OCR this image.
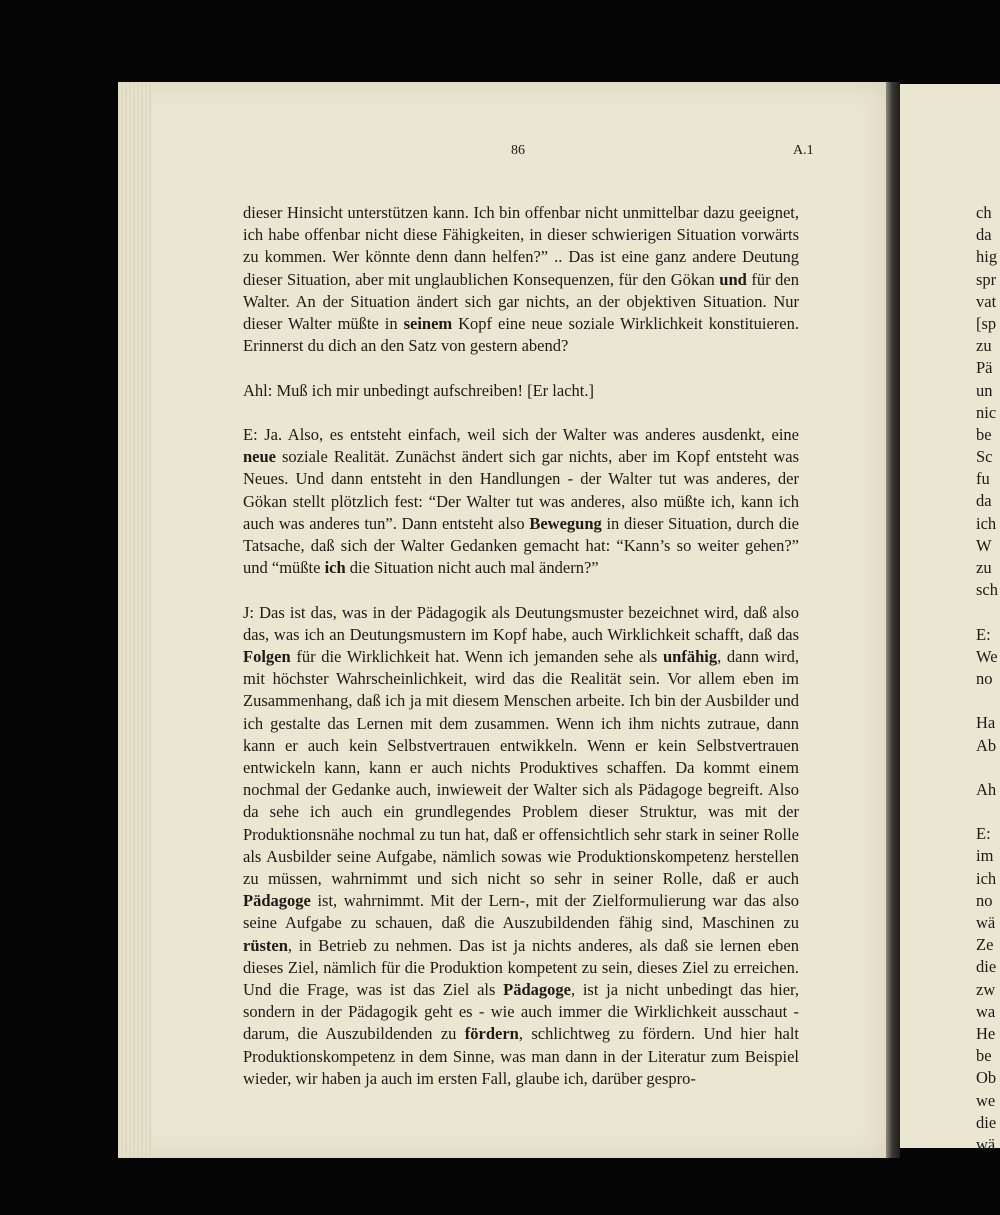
86	A.1

dieser Hinsicht unterstützen kann. Ich bin offenbar nicht unmittelbar dazu geeignet, ich habe offenbar nicht diese Fähigkeiten, in dieser schwierigen Situation vorwärts zu kommen. Wer könnte denn dann helfen?” .. Das ist eine ganz andere Deutung dieser Situation, aber mit unglaublichen Konsequenzen, für den Gökan und für den Walter. An der Situation ändert sich gar nichts, an der objektiven Situation. Nur dieser Walter müßte in seinem Kopf eine neue soziale Wirklichkeit konstituieren. Erinnerst du dich an den Satz von gestern abend?

Ahl: Muß ich mir unbedingt aufschreiben! [Er lacht.]

E: Ja. Also, es entsteht einfach, weil sich der Walter was anderes ausdenkt, eine neue soziale Realität. Zunächst ändert sich gar nichts, aber im Kopf entsteht was Neues. Und dann entsteht in den Handlungen - der Walter tut was anderes, der Gökan stellt plötzlich fest: “Der Walter tut was anderes, also müßte ich, kann ich auch was anderes tun”. Dann entsteht also Bewegung in dieser Situation, durch die Tatsache, daß sich der Walter Gedanken gemacht hat: “Kann’s so weiter gehen?” und “müßte ich die Situation nicht auch mal ändern?”

J: Das ist das, was in der Pädagogik als Deutungsmuster bezeichnet wird, daß also das, was ich an Deutungsmustern im Kopf habe, auch Wirklichkeit schafft, daß das Folgen für die Wirklichkeit hat. Wenn ich jemanden sehe als unfähig, dann wird, mit höchster Wahrscheinlichkeit, wird das die Realität sein. Vor allem eben im Zusammenhang, daß ich ja mit diesem Menschen arbeite. Ich bin der Ausbilder und ich gestalte das Lernen mit dem zusammen. Wenn ich ihm nichts zutraue, dann kann er auch kein Selbstvertrauen entwikkeln. Wenn er kein Selbstvertrauen entwickeln kann, kann er auch nichts Produktives schaffen. Da kommt einem nochmal der Gedanke auch, inwieweit der Walter sich als Pädagoge begreift. Also da sehe ich auch ein grundlegendes Problem dieser Struktur, was mit der Produktionsnähe nochmal zu tun hat, daß er offensichtlich sehr stark in seiner Rolle als Ausbilder seine Aufgabe, nämlich sowas wie Produktionskompetenz herstellen zu müssen, wahrnimmt und sich nicht so sehr in seiner Rolle, daß er auch Pädagoge ist, wahrnimmt. Mit der Lern-, mit der Zielformulierung war das also seine Aufgabe zu schauen, daß die Auszubildenden fähig sind, Maschinen zu rüsten, in Betrieb zu nehmen. Das ist ja nichts anderes, als daß sie lernen eben dieses Ziel, nämlich für die Produktion kompetent zu sein, dieses Ziel zu erreichen. Und die Frage, was ist das Ziel als Pädagoge, ist ja nicht unbedingt das hier, sondern in der Pädagogik geht es - wie auch immer die Wirklichkeit ausschaut - darum, die Auszubildenden zu fördern, schlichtweg zu fördern. Und hier halt Produktionskompetenz in dem Sinne, was man dann in der Literatur zum Beispiel wieder, wir haben ja auch im ersten Fall, glaube ich, darüber gespro-

ch
da
hig
spr
vat
[sp
zu
Pä
un
nic
be
Sc
fu
da
ich
W
zu
sch
E:
We
no
Ha
Ab
Ah
E:
im
ich
no
wä
Ze
die
zw
wa
He
be
Ob
we
die
wä
